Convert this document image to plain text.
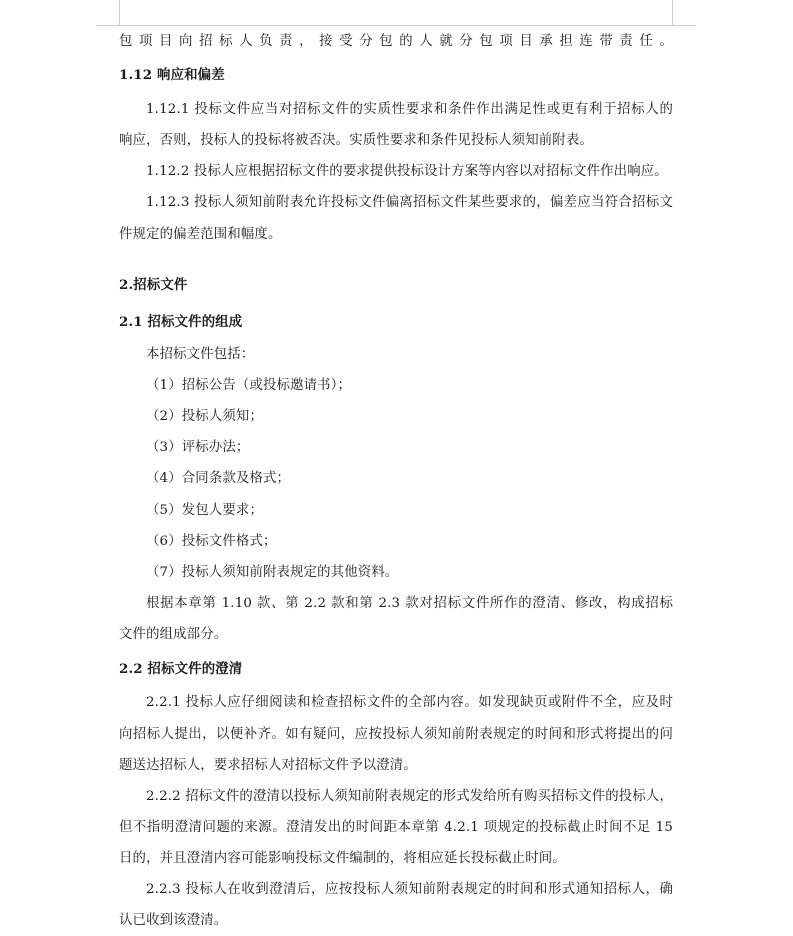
包项目向招标人负责，接受分包的人就分包项目承担连带责任。
1.12 响应和偏差
1.12.1 投标文件应当对招标文件的实质性要求和条件作出满足性或更有利于招标人的
响应，否则，投标人的投标将被否决。实质性要求和条件见投标人须知前附表。
1.12.2 投标人应根据招标文件的要求提供投标设计方案等内容以对招标文件作出响应。
1.12.3 投标人须知前附表允许投标文件偏离招标文件某些要求的，偏差应当符合招标文
件规定的偏差范围和幅度。
2.招标文件
2.1 招标文件的组成
本招标文件包括：
（1）招标公告（或投标邀请书）；
（2）投标人须知；
（3）评标办法；
（4）合同条款及格式；
（5）发包人要求；
（6）投标文件格式；
（7）投标人须知前附表规定的其他资料。
根据本章第 1.10 款、第 2.2 款和第 2.3 款对招标文件所作的澄清、修改，构成招标
文件的组成部分。
2.2 招标文件的澄清
2.2.1 投标人应仔细阅读和检查招标文件的全部内容。如发现缺页或附件不全，应及时
向招标人提出，以便补齐。如有疑问，应按投标人须知前附表规定的时间和形式将提出的问
题送达招标人，要求招标人对招标文件予以澄清。
2.2.2 招标文件的澄清以投标人须知前附表规定的形式发给所有购买招标文件的投标人，
但不指明澄清问题的来源。澄清发出的时间距本章第 4.2.1 项规定的投标截止时间不足 15
日的，并且澄清内容可能影响投标文件编制的，将相应延长投标截止时间。
2.2.3 投标人在收到澄清后，应按投标人须知前附表规定的时间和形式通知招标人，确
认已收到该澄清。
